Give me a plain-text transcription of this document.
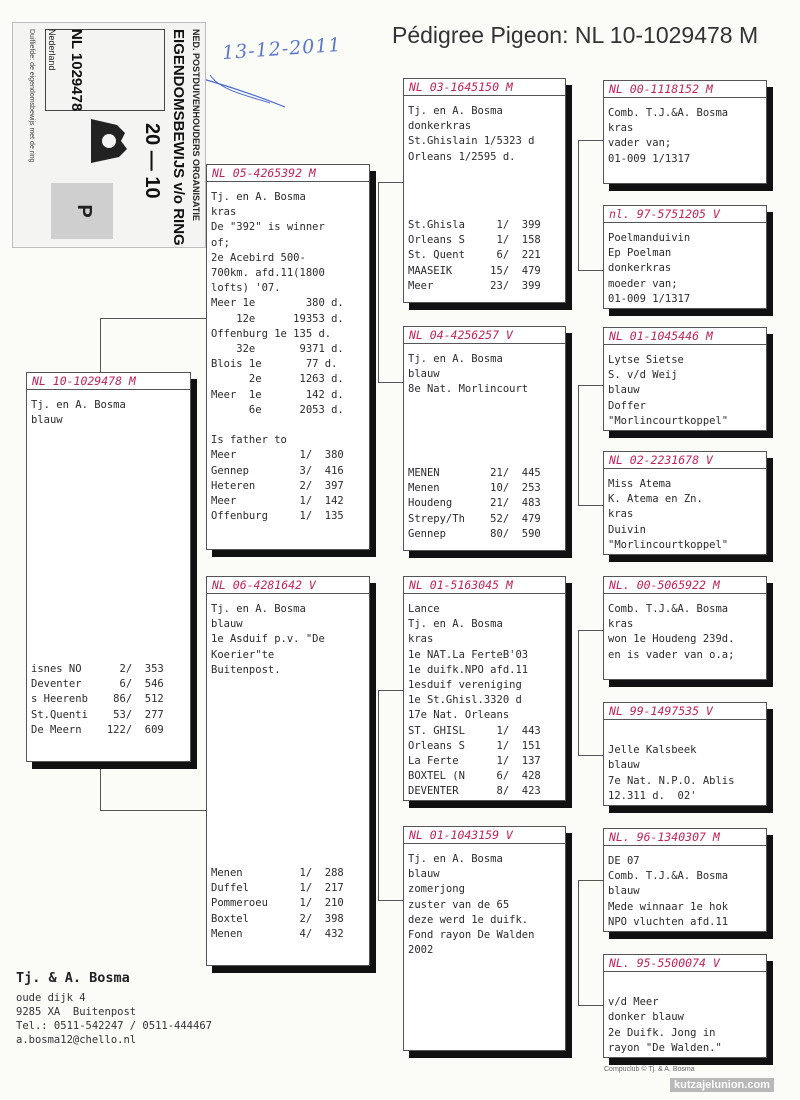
Pédigree Pigeon: NL 10-1029478 M
13-12-2011
NED. POSTDUIVENHOUDERS ORGANISATIE
EIGENDOMSBEWIJS v/o RING
20 — 10
NL 1029478
Nederland
Duifliefde: de eigendomsbewijs met de ring
P
NL 10-1029478 M
Tj. en A. Bosma
blauw
isnes NO      2/  353
Deventer      6/  546
s Heerenb    86/  512
St.Quenti    53/  277
De Meern    122/  609
NL 05-4265392 M
Tj. en A. Bosma
kras
De "392" is winner
of;
2e Acebird 500-
700km. afd.11(1800
lofts) '07.
Meer 1e        380 d.
12e      19353 d.
Offenburg 1e 135 d.
32e       9371 d.
Blois 1e       77 d.
2e      1263 d.
Meer  1e       142 d.
6e      2053 d.
Is father to
Meer          1/  380
Gennep        3/  416
Heteren       2/  397
Meer          1/  142
Offenburg     1/  135
NL 06-4281642 V
Tj. en A. Bosma
blauw
1e Asduif p.v. "De
Koerier"te
Buitenpost.
Menen         1/  288
Duffel        1/  217
Pommeroeu     1/  210
Boxtel        2/  398
Menen         4/  432
NL 03-1645150 M
Tj. en A. Bosma
donkerkras
St.Ghislain 1/5323 d
Orleans 1/2595 d.
St.Ghisla     1/  399
Orleans S     1/  158
St. Quent     6/  221
MAASEIK      15/  479
Meer         23/  399
NL 04-4256257 V
Tj. en A. Bosma
blauw
8e Nat. Morlincourt
MENEN        21/  445
Menen        10/  253
Houdeng      21/  483
Strepy/Th    52/  479
Gennep       80/  590
NL 01-5163045 M
Lance
Tj. en A. Bosma
kras
1e NAT.La FerteB'03
1e duifk.NPO afd.11
1esduif vereniging
1e St.Ghisl.3320 d
17e Nat. Orleans
ST. GHISL     1/  443
Orleans S     1/  151
La Ferte      1/  137
BOXTEL (N     6/  428
DEVENTER      8/  423
NL 01-1043159 V
Tj. en A. Bosma
blauw
zomerjong
zuster van de 65
deze werd 1e duifk.
Fond rayon De Walden
2002
NL 00-1118152 M
Comb. T.J.&A. Bosma
kras
vader van;
01-009 1/1317
nl. 97-5751205 V
Poelmanduivin
Ep Poelman
donkerkras
moeder van;
01-009 1/1317
NL 01-1045446 M
Lytse Sietse
S. v/d Weij
blauw
Doffer
"Morlincourtkoppel"
NL 02-2231678 V
Miss Atema
K. Atema en Zn.
kras
Duivin
"Morlincourtkoppel"
NL. 00-5065922 M
Comb. T.J.&A. Bosma
kras
won 1e Houdeng 239d.
en is vader van o.a;
NL 99-1497535 V
Jelle Kalsbeek
blauw
7e Nat. N.P.O. Ablis
12.311 d.  02'
NL. 96-1340307 M
DE 07
Comb. T.J.&A. Bosma
blauw
Mede winnaar 1e hok
NPO vluchten afd.11
NL. 95-5500074 V
v/d Meer
donker blauw
2e Duifk. Jong in
rayon "De Walden."
Tj. & A. Bosma
oude dijk 4
9285 XA  Buitenpost
Tel.: 0511-542247 / 0511-444467
a.bosma12@chello.nl
Compuclub © Tj. & A. Bosma
kutzajelunion.com
